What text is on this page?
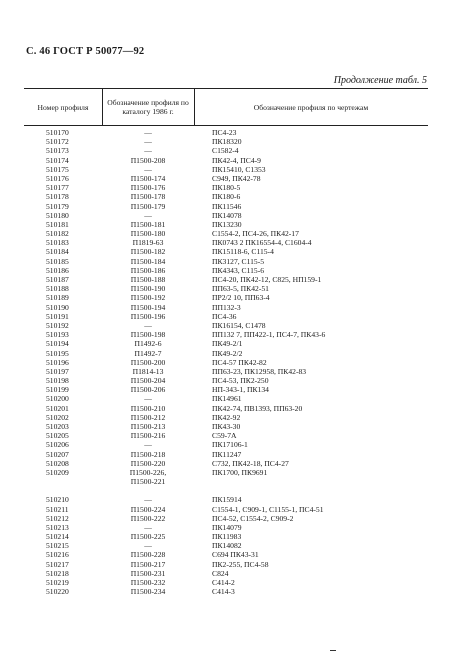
С. 46 ГОСТ Р 50077—92
Продолжение табл. 5
Номер профиля	Обозначение профиля по каталогу 1986 г.	Обозначение профиля по чертежам
510170	—	ПС4-23
510172	—	ПК18320
510173	—	С1582-4
510174	П1500-208	ПК42-4, ПС4-9
510175	—	ПК15410, С1353
510176	П1500-174	С949, ПК42-78
510177	П1500-176	ПК180-5
510178	П1500-178	ПК180-6
510179	П1500-179	ПК11546
510180	—	ПК14078
510181	П1500-181	ПК13230
510182	П1500-180	С1554-2, ПС4-26, ПК42-17
510183	П1819-63	ПК0743 2 ПК16554-4, С1604-4
510184	П1500-182	ПК15118-6, С115-4
510185	П1500-184	ПК3127, С115-5
510186	П1500-186	ПК4343, С115-6
510187	П1500-188	ПС4-20, ПК42-12, С825, НП159-1
510188	П1500-190	ПП63-5, ПК42-51
510189	П1500-192	ПР2/2 10, ПП63-4
510190	П1500-194	ПП132-3
510191	П1500-196	ПС4-36
510192	—	ПК16154, С1478
510193	П1500-198	ПП132 7, ПП422-1, ПС4-7, ПК43-6
510194	П1492-6	ПК49-2/1
510195	П1492-7	ПК49-2/2
510196	П1500-200	ПС4-57 ПК42-82
510197	П1814-13	ПП63-23, ПК12958, ПК42-83
510198	П1500-204	ПС4-53, ПК2-250
510199	П1500-206	НП-343-1, ПК134
510200	—	ПК14961
510201	П1500-210	ПК42-74, ПВ1393, ПП63-20
510202	П1500-212	ПК42-92
510203	П1500-213	ПК43-30
510205	П1500-216	С59-7А
510206	—	ПК17106-1
510207	П1500-218	ПК11247
510208	П1500-220	С732, ПК42-18, ПС4-27
510209	П1500-226,	ПК1700, ПК9691
П1500-221
510210	—	ПК15914
510211	П1500-224	С1554-1, С909-1, С1155-1, ПС4-51
510212	П1500-222	ПС4-52, С1554-2, С909-2
510213	—	ПК14079
510214	П1500-225	ПК11983
510215	—	ПК14082
510216	П1500-228	С694 ПК43-31
510217	П1500-217	ПК2-255, ПС4-58
510218	П1500-231	С824
510219	П1500-232	С414-2
510220	П1500-234	С414-3
